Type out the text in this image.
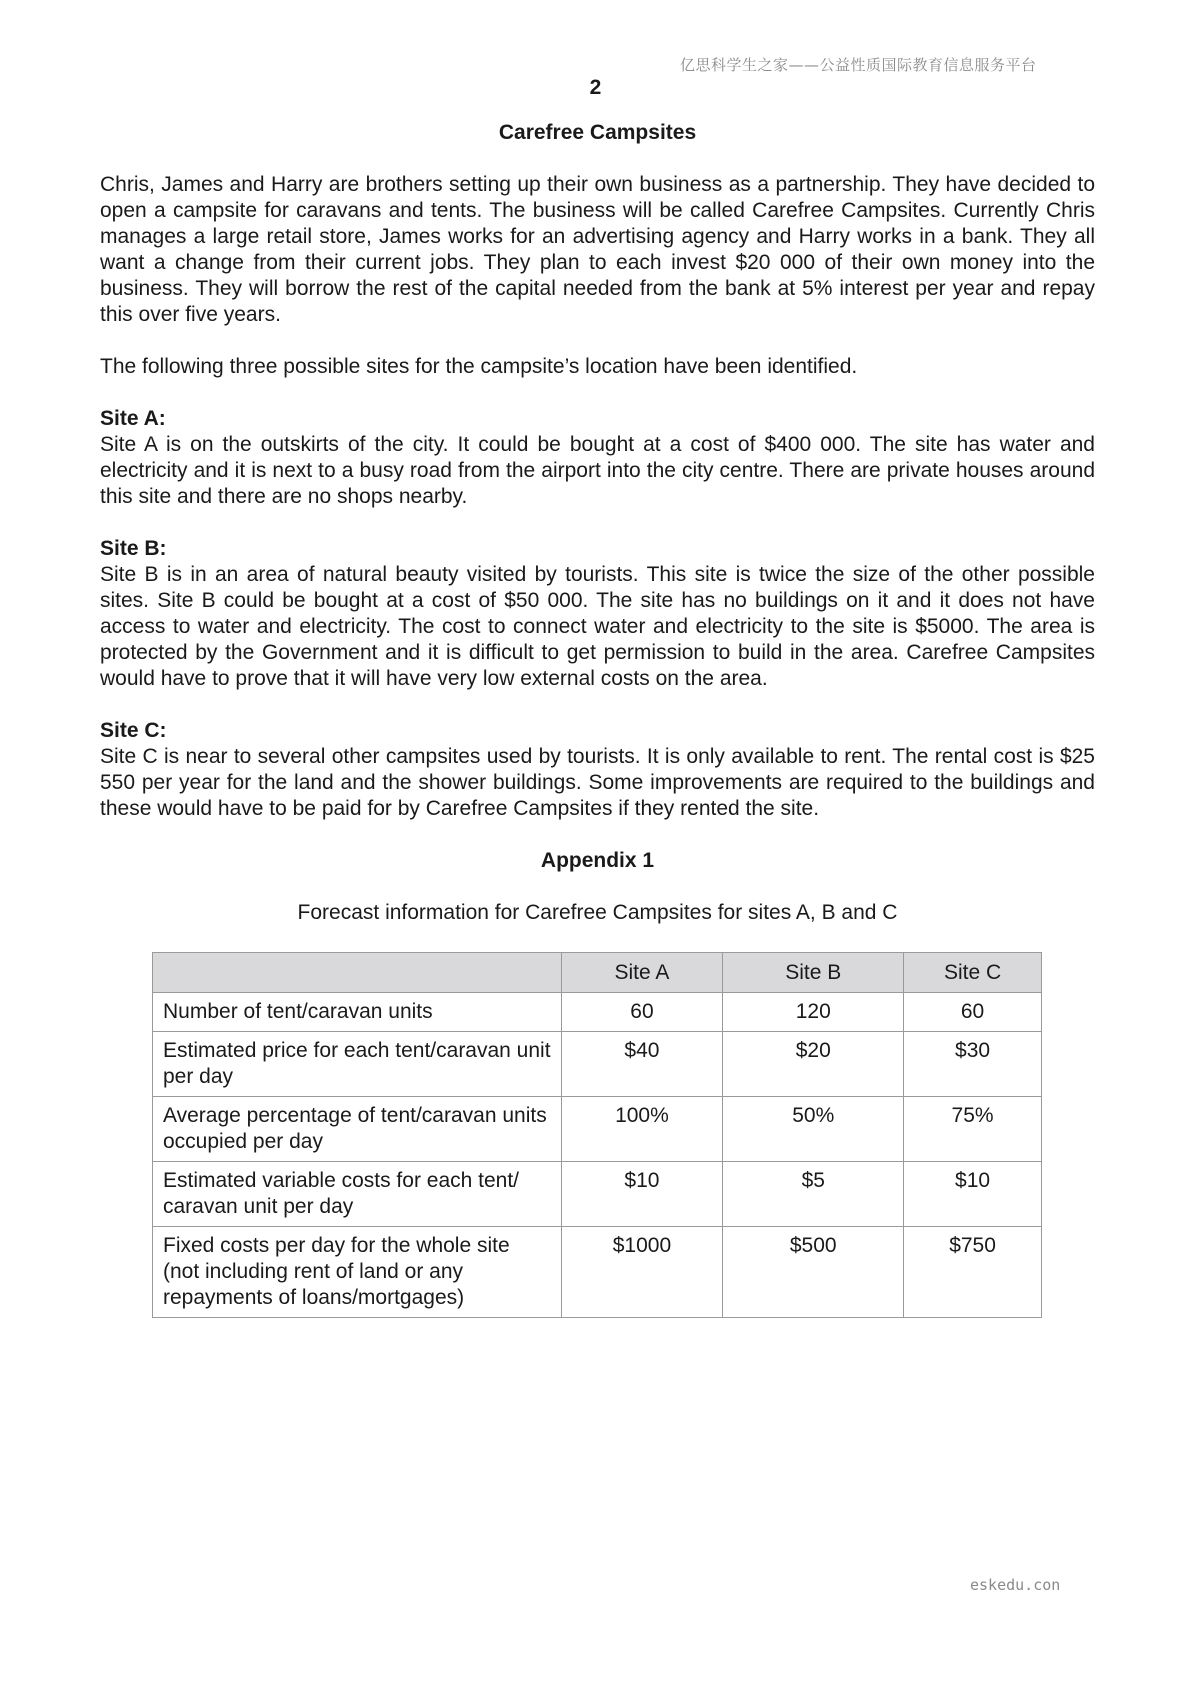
亿思科学生之家——公益性质国际教育信息服务平台
2
Carefree Campsites

Chris, James and Harry are brothers setting up their own business as a partnership. They have decided to open a campsite for caravans and tents. The business will be called Carefree Campsites. Currently Chris manages a large retail store, James works for an advertising agency and Harry works in a bank. They all want a change from their current jobs. They plan to each invest $20 000 of their own money into the business. They will borrow the rest of the capital needed from the bank at 5% interest per year and repay this over five years.

The following three possible sites for the campsite’s location have been identified.

Site A:

Site A is on the outskirts of the city. It could be bought at a cost of $400 000. The site has water and electricity and it is next to a busy road from the airport into the city centre. There are private houses around this site and there are no shops nearby.

Site B:

Site B is in an area of natural beauty visited by tourists. This site is twice the size of the other possible sites. Site B could be bought at a cost of $50 000. The site has no buildings on it and it does not have access to water and electricity. The cost to connect water and electricity to the site is $5000. The area is protected by the Government and it is difficult to get permission to build in the area. Carefree Campsites would have to prove that it will have very low external costs on the area.

Site C:

Site C is near to several other campsites used by tourists. It is only available to rent. The rental cost is $25 550 per year for the land and the shower buildings. Some improvements are required to the buildings and these would have to be paid for by Carefree Campsites if they rented the site.

Appendix 1

Forecast information for Carefree Campsites for sites A, B and C

	Site A	Site B	Site C
Number of tent/caravan units	60	120	60
Estimated price for each tent/caravan unit per day	$40	$20	$30
Average percentage of tent/caravan units occupied per day	100%	50%	75%
Estimated variable costs for each tent/ caravan unit per day	$10	$5	$10
Fixed costs per day for the whole site (not including rent of land or any repayments of loans/mortgages)	$1000	$500	$750
eskedu.con
